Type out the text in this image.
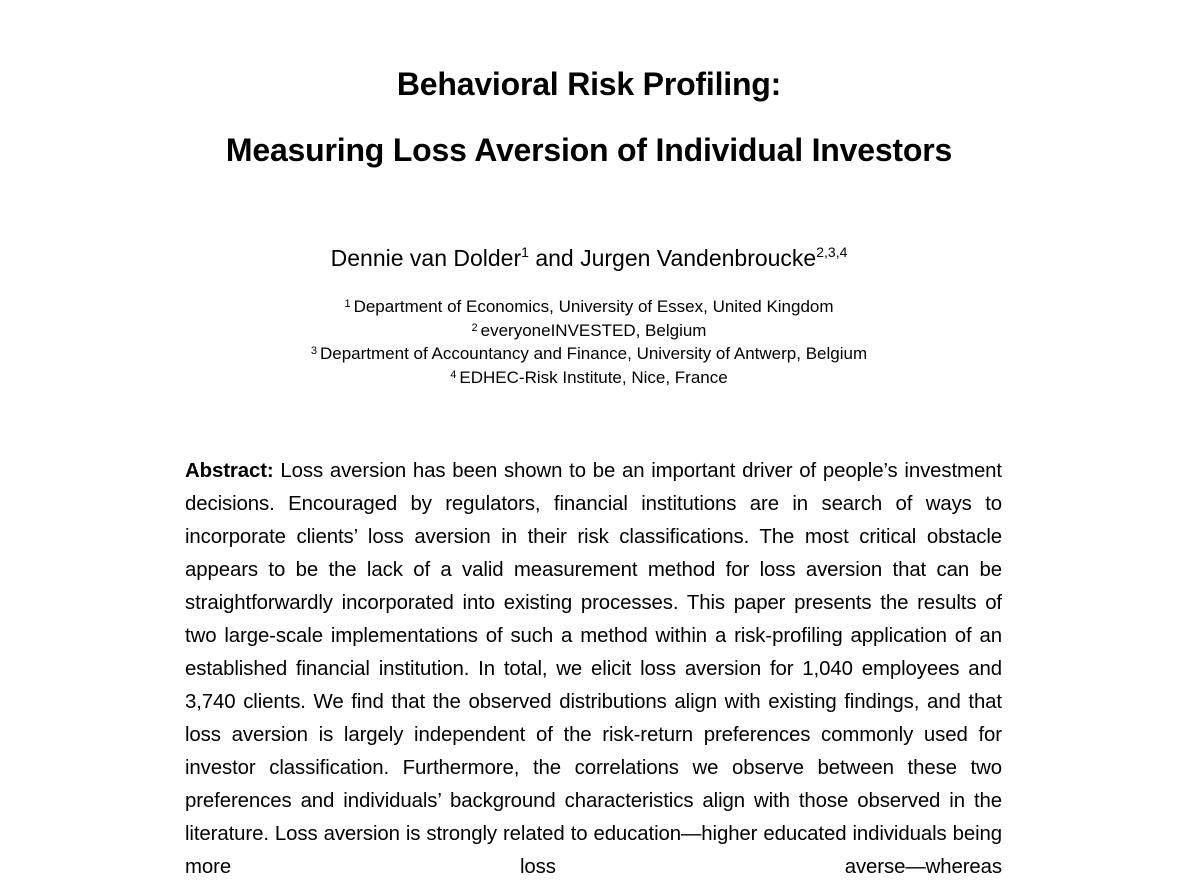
Behavioral Risk Profiling:
Measuring Loss Aversion of Individual Investors
Dennie van Dolder$^1$ and Jurgen Vandenbroucke$^{2,3,4}$
$^1$ Department of Economics, University of Essex, United Kingdom
$^2$ everyoneINVESTED, Belgium
$^3$ Department of Accountancy and Finance, University of Antwerp, Belgium
$^4$ EDHEC-Risk Institute, Nice, France
Abstract: Loss aversion has been shown to be an important driver of people’s investment decisions. Encouraged by regulators, financial institutions are in search of ways to incorporate clients’ loss aversion in their risk classifications. The most critical obstacle appears to be the lack of a valid measurement method for loss aversion that can be straightforwardly incorporated into existing processes. This paper presents the results of two large-scale implementations of such a method within a risk-profiling application of an established financial institution. In total, we elicit loss aversion for 1,040 employees and 3,740 clients. We find that the observed distributions align with existing findings, and that loss aversion is largely independent of the risk-return preferences commonly used for investor classification. Furthermore, the correlations we observe between these two preferences and individuals’ background characteristics align with those observed in the literature. Loss aversion is strongly related to education—higher educated individuals being more loss averse—whereas
